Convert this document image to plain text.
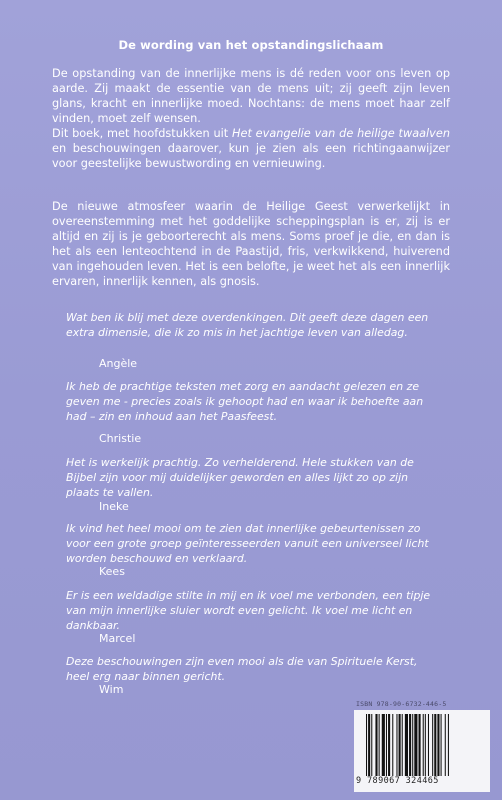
De wording van het opstandingslichaam
De opstanding van de innerlijke mens is dé reden voor ons leven op aarde. Zij maakt de essentie van de mens uit; zij geeft zijn leven glans, kracht en innerlijke moed. Nochtans: de mens moet haar zelf vinden, moet zelf wensen.
Dit boek, met hoofdstukken uit Het evangelie van de heilige twaalven en beschouwingen daarover, kun je zien als een richtingaanwijzer voor geestelijke bewustwording en vernieuwing.
De nieuwe atmosfeer waarin de Heilige Geest verwerkelijkt in overeenstemming met het goddelijke scheppingsplan is er, zij is er altijd en zij is je geboorterecht als mens. Soms proef je die, en dan is het als een lenteochtend in de Paastijd, fris, verkwikkend, huiverend van ingehouden leven. Het is een belofte, je weet het als een innerlijk ervaren, innerlijk kennen, als gnosis.
Wat ben ik blij met deze overdenkingen. Dit geeft deze dagen een extra dimensie, die ik zo mis in het jachtige leven van alledag.
Angèle
Ik heb de prachtige teksten met zorg en aandacht gelezen en ze geven me - precies zoals ik gehoopt had en waar ik behoefte aan had – zin en inhoud aan het Paasfeest.
Christie
Het is werkelijk prachtig. Zo verhelderend. Hele stukken van de Bijbel zijn voor mij duidelijker geworden en alles lijkt zo op zijn plaats te vallen.
Ineke
Ik vind het heel mooi om te zien dat innerlijke gebeurtenissen zo voor een grote groep geïnteresseerden vanuit een universeel licht worden beschouwd en verklaard.
Kees
Er is een weldadige stilte in mij en ik voel me verbonden, een tipje van mijn innerlijke sluier wordt even gelicht. Ik voel me licht en dankbaar.
Marcel
Deze beschouwingen zijn even mooi als die van Spirituele Kerst, heel erg naar binnen gericht.
Wim
ISBN 978-90-6732-446-5
9 789067 324465
